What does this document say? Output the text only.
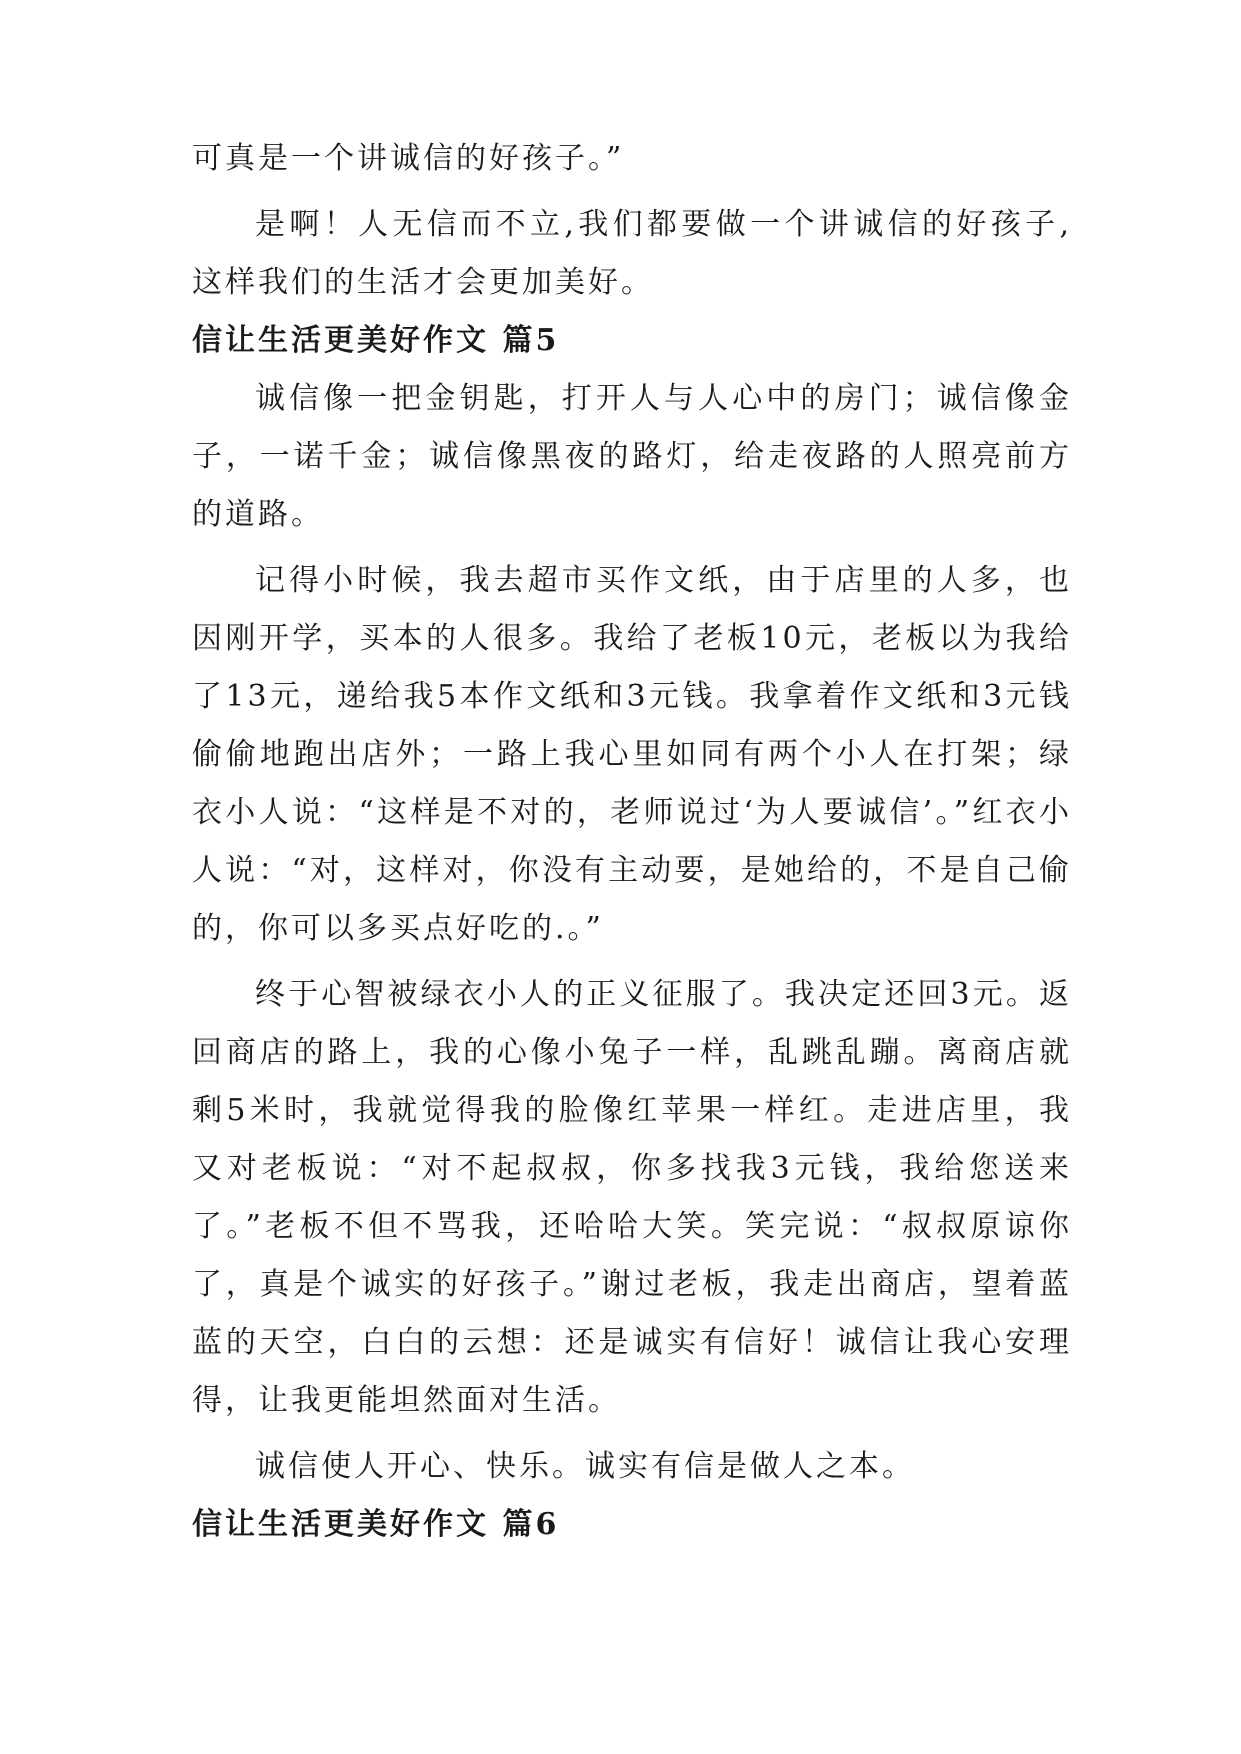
可真是一个讲诚信的好孩子。”

是啊！人无信而不立,我们都要做一个讲诚信的好孩子,这样我们的生活才会更加美好。

信让生活更美好作文 篇5

诚信像一把金钥匙，打开人与人心中的房门；诚信像金子，一诺千金；诚信像黑夜的路灯，给走夜路的人照亮前方的道路。

记得小时候，我去超市买作文纸，由于店里的人多，也因刚开学，买本的人很多。我给了老板10元，老板以为我给了13元，递给我5本作文纸和3元钱。我拿着作文纸和3元钱偷偷地跑出店外；一路上我心里如同有两个小人在打架；绿衣小人说：“这样是不对的，老师说过‘为人要诚信’。”红衣小人说：“对，这样对，你没有主动要，是她给的，不是自己偷的，你可以多买点好吃的.。”

终于心智被绿衣小人的正义征服了。我决定还回3元。返回商店的路上，我的心像小兔子一样，乱跳乱蹦。离商店就剩5米时，我就觉得我的脸像红苹果一样红。走进店里，我又对老板说：“对不起叔叔，你多找我3元钱，我给您送来了。”老板不但不骂我，还哈哈大笑。笑完说：“叔叔原谅你了，真是个诚实的好孩子。”谢过老板，我走出商店，望着蓝蓝的天空，白白的云想：还是诚实有信好！诚信让我心安理得，让我更能坦然面对生活。

诚信使人开心、快乐。诚实有信是做人之本。

信让生活更美好作文 篇6
